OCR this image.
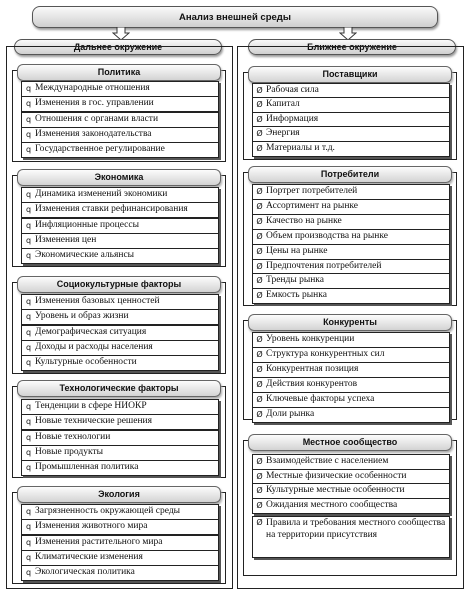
Анализ внешней среды
Дальнее окружение	Ближнее окружение
Политика
q Международные отношения
q Изменения в гос. управлении
q Отношения с органами власти
q Изменения законодательства
q Государственное регулирование
Экономика
q Динамика изменений экономики
q Изменения ставки рефинансирования
q Инфляционные процессы
q Изменения цен
q Экономические альянсы
Социокультурные факторы
q Изменения базовых ценностей
q Уровень и образ жизни
q Демографическая ситуация
q Доходы и расходы населения
q Культурные особенности
Технологические факторы
q Тенденции в сфере НИОКР
q Новые технические решения
q Новые технологии
q Новые продукты
q Промышленная политика
Экология
q Загрязненность окружающей среды
q Изменения животного мира
q Изменения растительного мира
q Климатические изменения
q Экологическая политика
Поставщики
Ø Рабочая сила
Ø Капитал
Ø Информация
Ø Энергия
Ø Материалы и т.д.
Потребители
Ø Портрет потребителей
Ø Ассортимент на рынке
Ø Качество на рынке
Ø Объем производства на рынке
Ø Цены на рынке
Ø Предпочтения потребителей
Ø Тренды рынка
Ø Емкость рынка
Конкуренты
Ø Уровень конкуренции
Ø Структура конкурентных сил
Ø Конкурентная позиция
Ø Действия конкурентов
Ø Ключевые факторы успеха
Ø Доли рынка
Местное сообщество
Ø Взаимодействие с населением
Ø Местные физические особенности
Ø Культурные местные особенности
Ø Ожидания местного сообщества
Ø Правила и требования местного сообщества на территории присутствия
